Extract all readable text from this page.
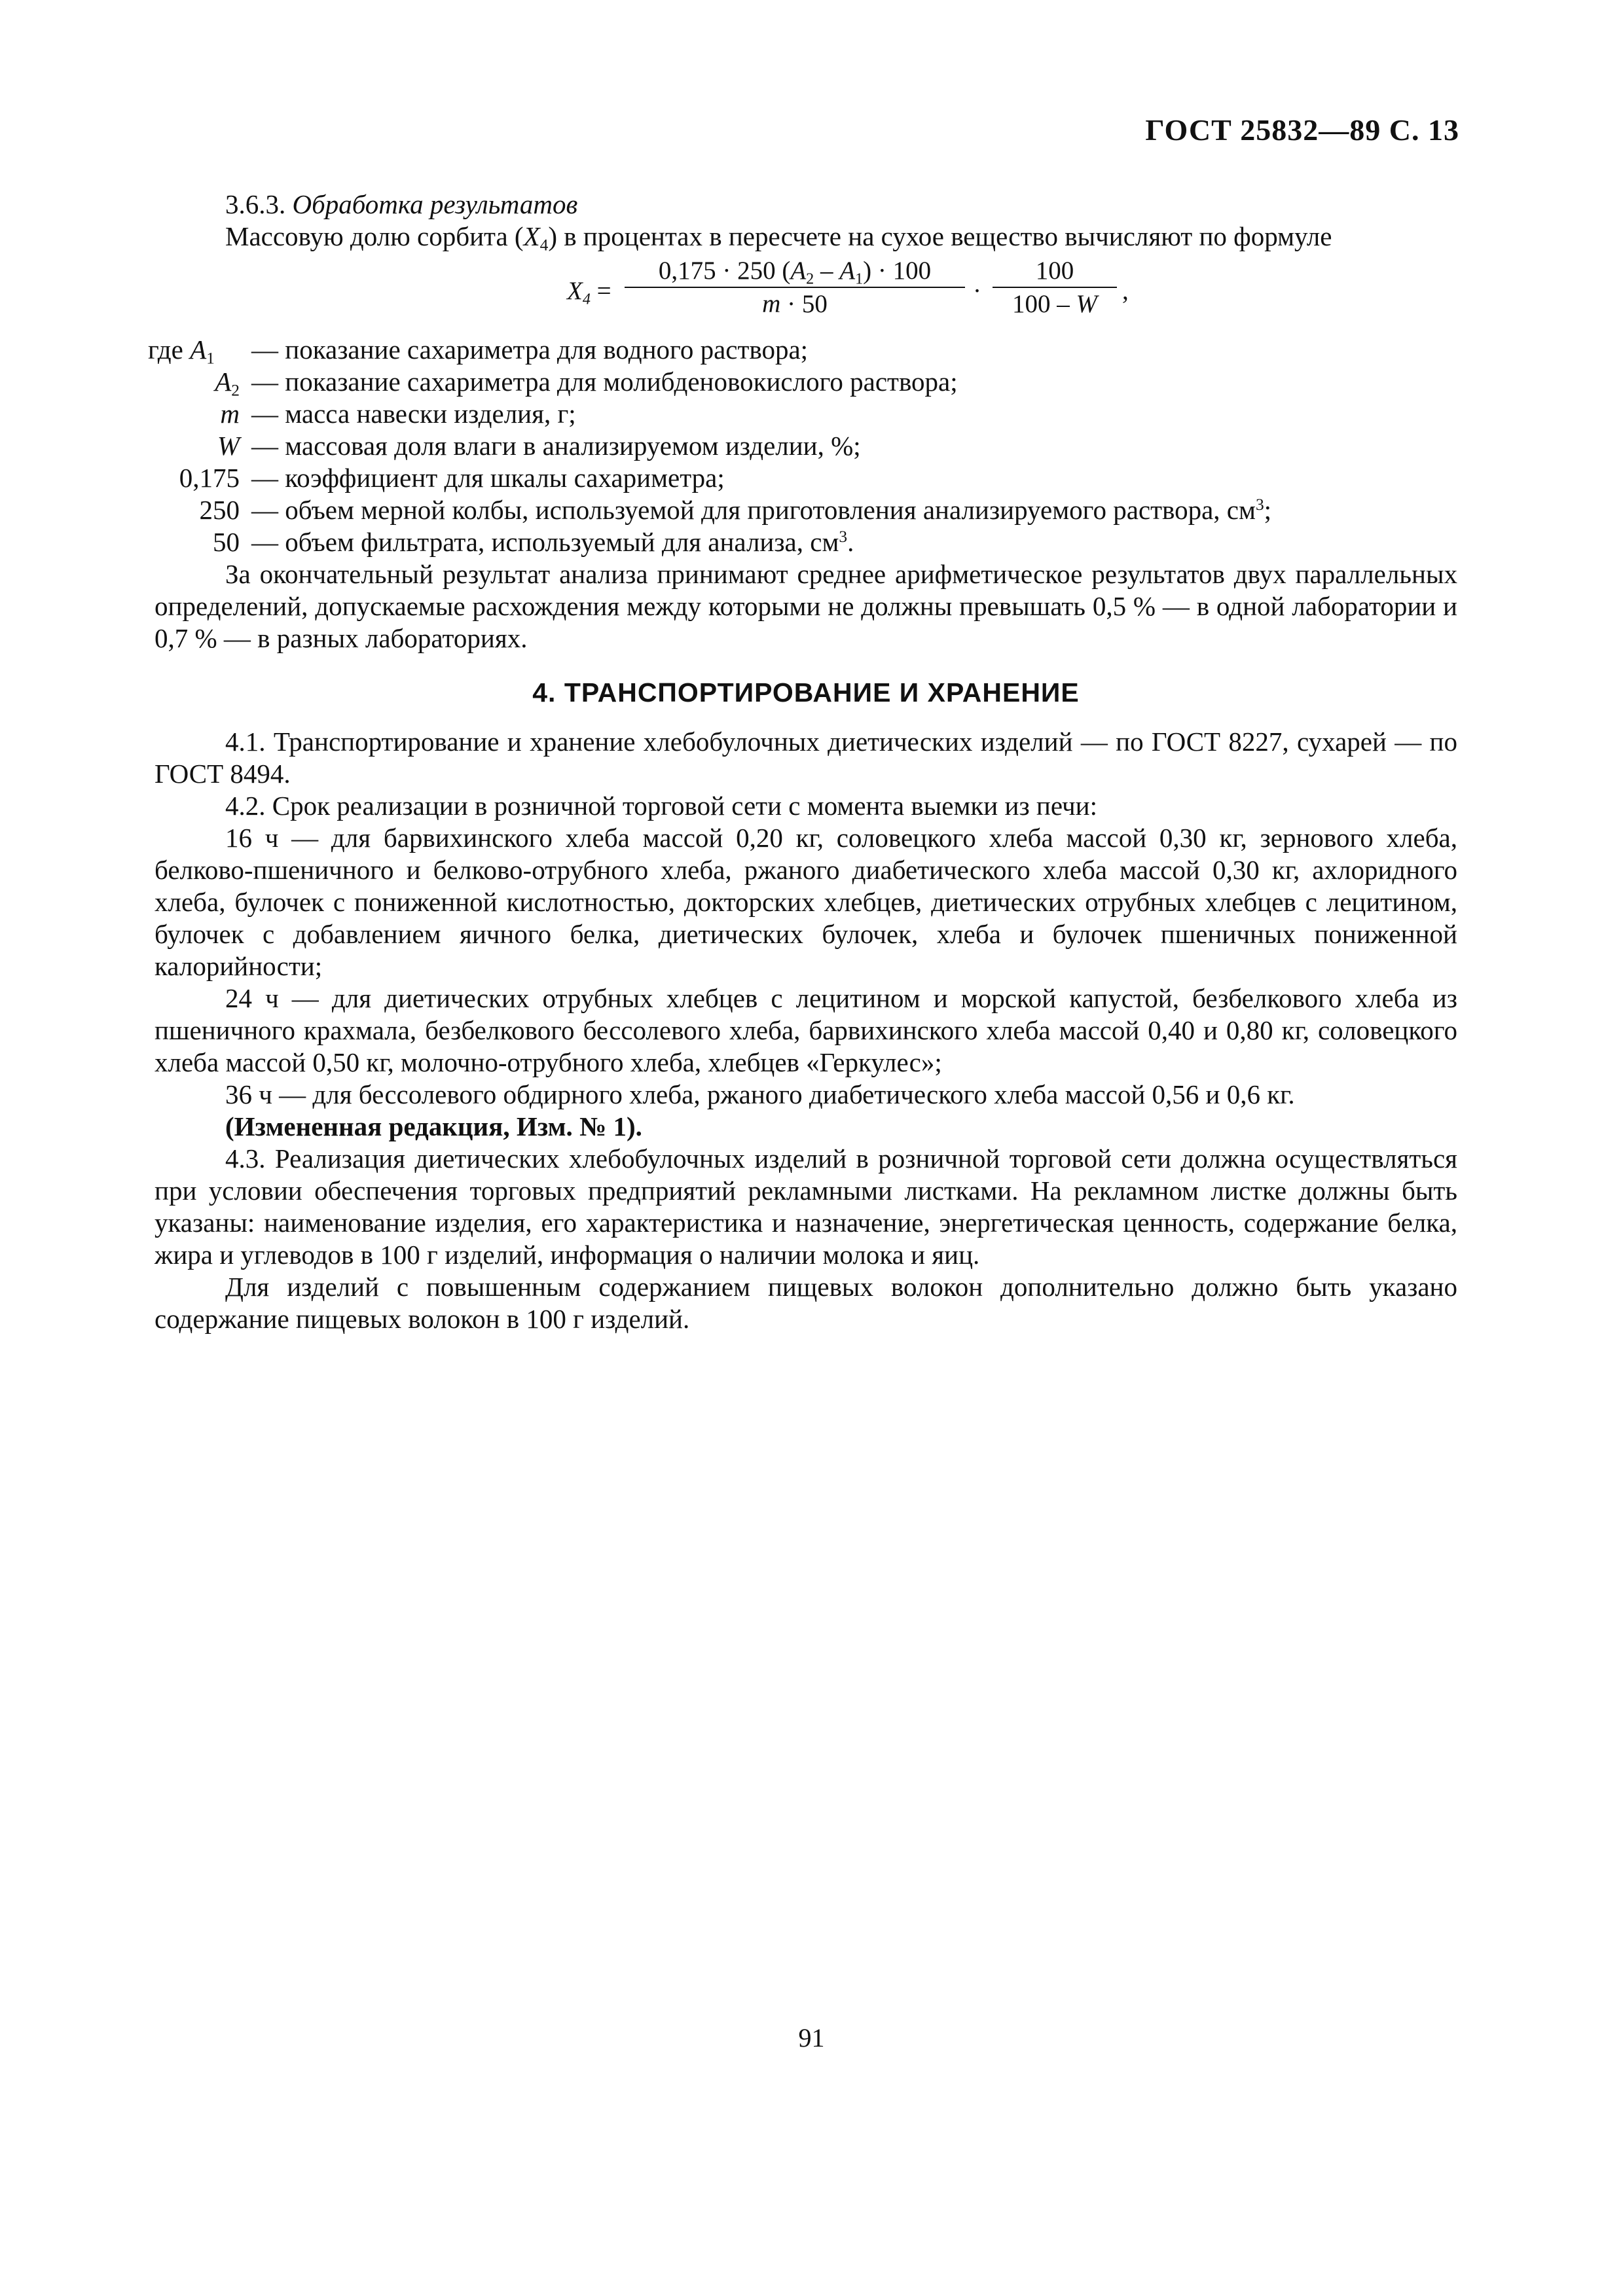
ГОСТ 25832—89 С. 13

3.6.3. Обработка результатов

Массовую долю сорбита $(X_4)$ в процентах в пересчете на сухое вещество вычисляют по формуле

$X_4 = \frac{0,175 \cdot 250 (A_2 - A_1) \cdot 100}{m \cdot 50} \cdot \frac{100}{100 - W}$ ,
где $A_1$	— показание сахариметра для водного раствора;
$A_2$	— показание сахариметра для молибденовокислого раствора;
m	— масса навески изделия, г;
W	— массовая доля влаги в анализируемом изделии, %;
0,175	— коэффициент для шкалы сахариметра;
250	— объем мерной колбы, используемой для приготовления анализируемого раствора, $см^3$;
50	— объем фильтрата, используемый для анализа, $см^3$.

За окончательный результат анализа принимают среднее арифметическое результатов двух параллельных определений, допускаемые расхождения между которыми не должны превышать 0,5 % — в одной лаборатории и 0,7 % — в разных лабораториях.

4. ТРАНСПОРТИРОВАНИЕ И ХРАНЕНИЕ

4.1. Транспортирование и хранение хлебобулочных диетических изделий — по ГОСТ 8227, сухарей — по ГОСТ 8494.

4.2. Срок реализации в розничной торговой сети с момента выемки из печи:

16 ч — для барвихинского хлеба массой 0,20 кг, соловецкого хлеба массой 0,30 кг, зернового хлеба, белково-пшеничного и белково-отрубного хлеба, ржаного диабетического хлеба массой 0,30 кг, ахлоридного хлеба, булочек с пониженной кислотностью, докторских хлебцев, диетических отрубных хлебцев с лецитином, булочек с добавлением яичного белка, диетических булочек, хлеба и булочек пшеничных пониженной калорийности;

24 ч — для диетических отрубных хлебцев с лецитином и морской капустой, безбелкового хлеба из пшеничного крахмала, безбелкового бессолевого хлеба, барвихинского хлеба массой 0,40 и 0,80 кг, соловецкого хлеба массой 0,50 кг, молочно-отрубного хлеба, хлебцев «Геркулес»;

36 ч — для бессолевого обдирного хлеба, ржаного диабетического хлеба массой 0,56 и 0,6 кг.

(Измененная редакция, Изм. № 1).

4.3. Реализация диетических хлебобулочных изделий в розничной торговой сети должна осуществляться при условии обеспечения торговых предприятий рекламными листками. На рекламном листке должны быть указаны: наименование изделия, его характеристика и назначение, энергетическая ценность, содержание белка, жира и углеводов в 100 г изделий, информация о наличии молока и яиц.

Для изделий с повышенным содержанием пищевых волокон дополнительно должно быть указано содержание пищевых волокон в 100 г изделий.

91
